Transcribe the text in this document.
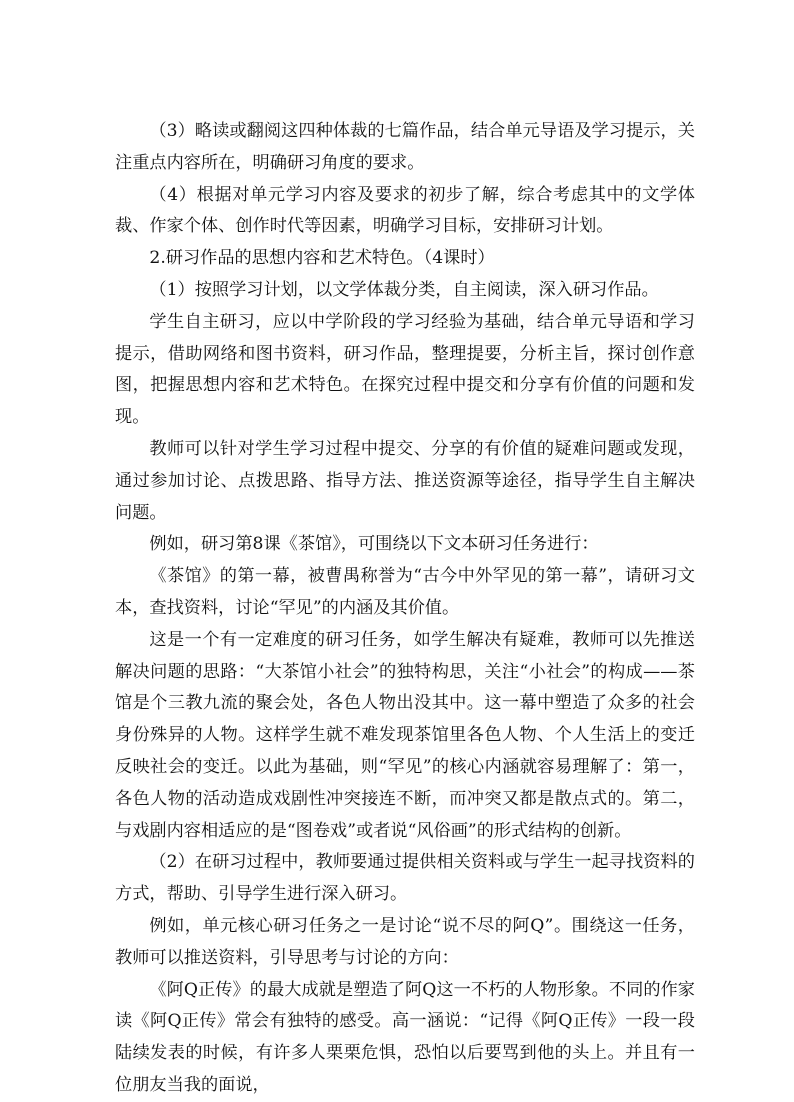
（3）略读或翻阅这四种体裁的七篇作品，结合单元导语及学习提示，关注重点内容所在，明确研习角度的要求。

（4）根据对单元学习内容及要求的初步了解，综合考虑其中的文学体裁、作家个体、创作时代等因素，明确学习目标，安排研习计划。

2.研习作品的思想内容和艺术特色。（4课时）

（1）按照学习计划，以文学体裁分类，自主阅读，深入研习作品。

学生自主研习，应以中学阶段的学习经验为基础，结合单元导语和学习提示，借助网络和图书资料，研习作品，整理提要，分析主旨，探讨创作意图，把握思想内容和艺术特色。在探究过程中提交和分享有价值的问题和发现。

教师可以针对学生学习过程中提交、分享的有价值的疑难问题或发现，通过参加讨论、点拨思路、指导方法、推送资源等途径，指导学生自主解决问题。

例如，研习第8课《茶馆》，可围绕以下文本研习任务进行：

《茶馆》的第一幕，被曹禺称誉为“古今中外罕见的第一幕”，请研习文本，查找资料，讨论“罕见”的内涵及其价值。

这是一个有一定难度的研习任务，如学生解决有疑难，教师可以先推送解决问题的思路：“大茶馆小社会”的独特构思，关注“小社会”的构成——茶馆是个三教九流的聚会处，各色人物出没其中。这一幕中塑造了众多的社会身份殊异的人物。这样学生就不难发现茶馆里各色人物、个人生活上的变迁反映社会的变迁。以此为基础，则“罕见”的核心内涵就容易理解了：第一，各色人物的活动造成戏剧性冲突接连不断，而冲突又都是散点式的。第二，与戏剧内容相适应的是“图卷戏”或者说“风俗画”的形式结构的创新。

（2）在研习过程中，教师要通过提供相关资料或与学生一起寻找资料的方式，帮助、引导学生进行深入研习。

例如，单元核心研习任务之一是讨论“说不尽的阿Q”。围绕这一任务，教师可以推送资料，引导思考与讨论的方向：

《阿Q正传》的最大成就是塑造了阿Q这一不朽的人物形象。不同的作家读《阿Q正传》常会有独特的感受。高一涵说：“记得《阿Q正传》一段一段陆续发表的时候，有许多人栗栗危惧，恐怕以后要骂到他的头上。并且有一位朋友当我的面说，
